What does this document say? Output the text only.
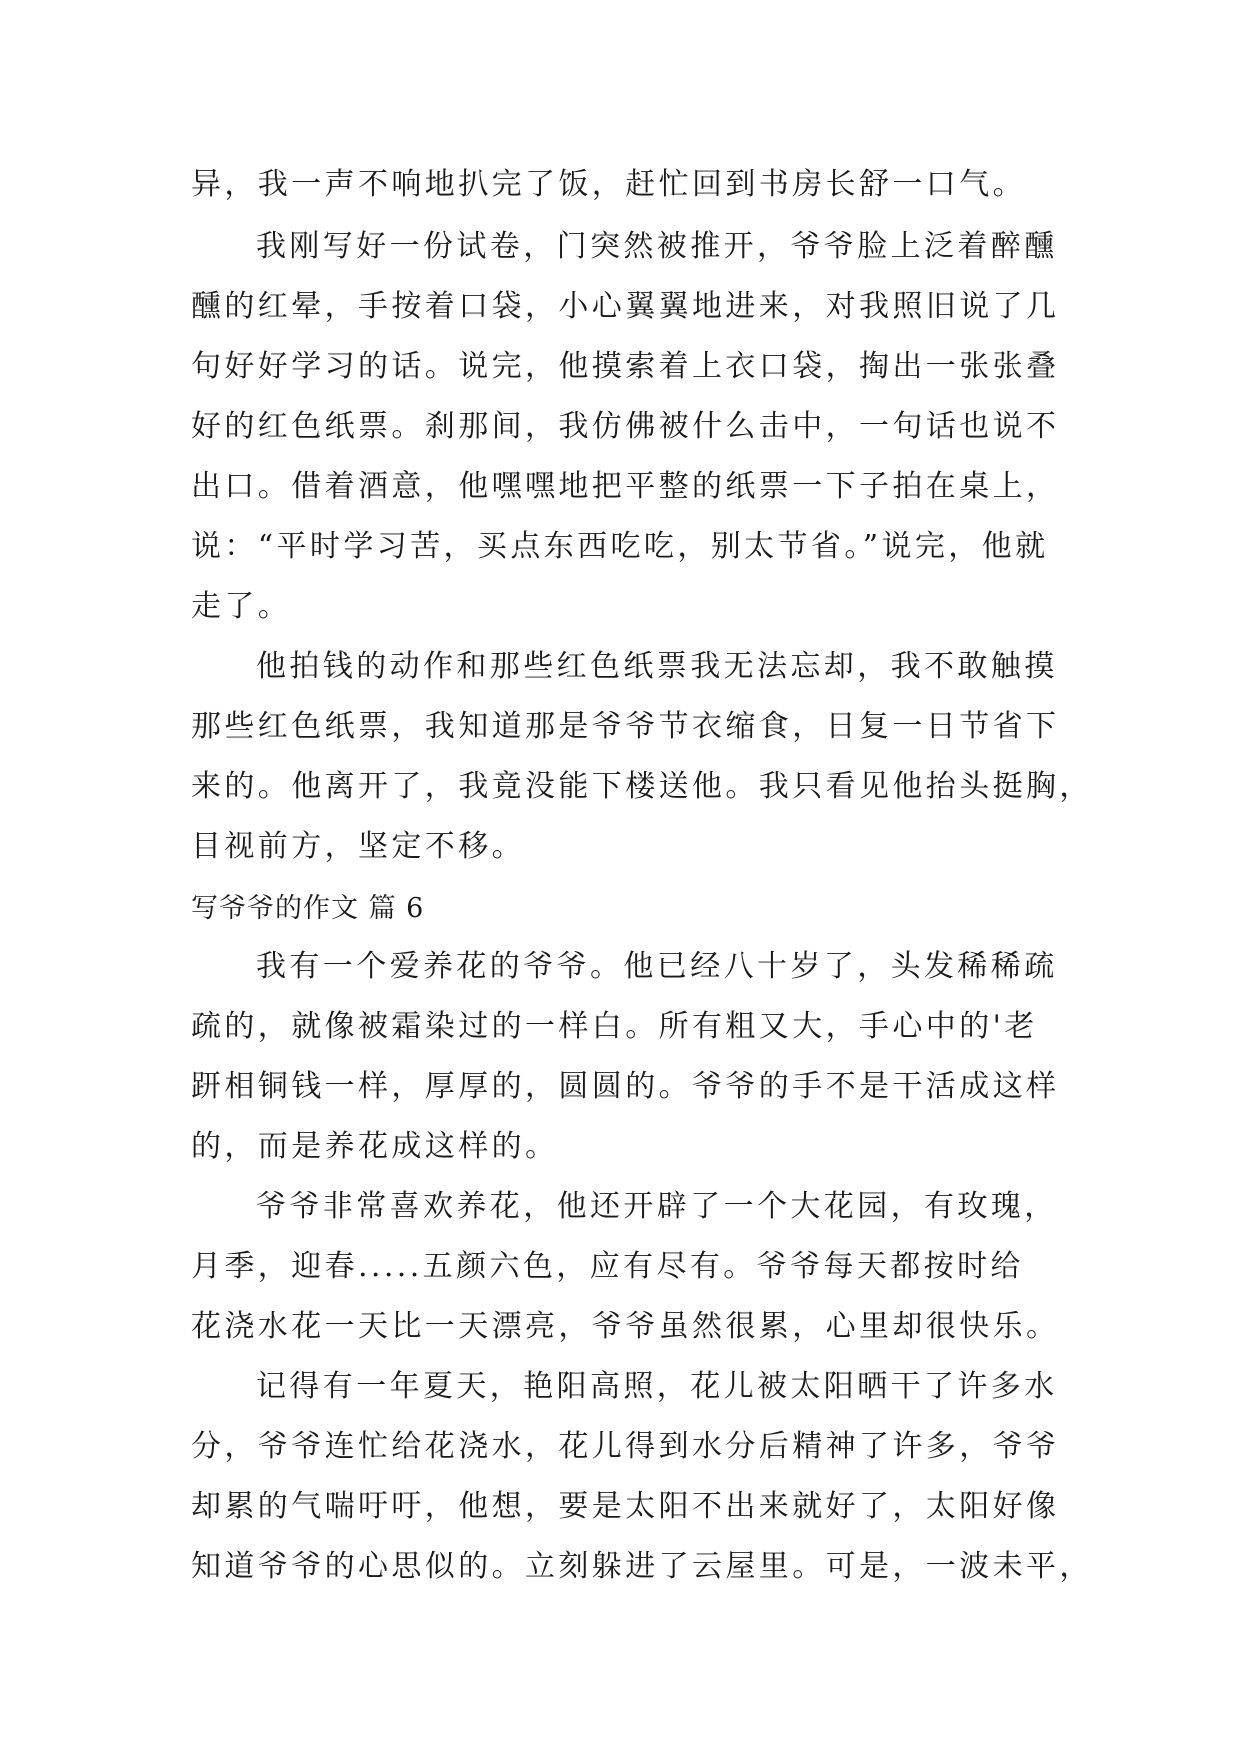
异，我一声不响地扒完了饭，赶忙回到书房长舒一口气。
我刚写好一份试卷，门突然被推开，爷爷脸上泛着醉醺
醺的红晕，手按着口袋，小心翼翼地进来，对我照旧说了几
句好好学习的话。说完，他摸索着上衣口袋，掏出一张张叠
好的红色纸票。刹那间，我仿佛被什么击中，一句话也说不
出口。借着酒意，他嘿嘿地把平整的纸票一下子拍在桌上，
说：“平时学习苦，买点东西吃吃，别太节省。”说完，他就
走了。
他拍钱的动作和那些红色纸票我无法忘却，我不敢触摸
那些红色纸票，我知道那是爷爷节衣缩食，日复一日节省下
来的。他离开了，我竟没能下楼送他。我只看见他抬头挺胸，
目视前方，坚定不移。
写爷爷的作文 篇 6
我有一个爱养花的爷爷。他已经八十岁了，头发稀稀疏
疏的，就像被霜染过的一样白。所有粗又大，手心中的'老
趼相铜钱一样，厚厚的，圆圆的。爷爷的手不是干活成这样
的，而是养花成这样的。
爷爷非常喜欢养花，他还开辟了一个大花园，有玫瑰，
月季，迎春.....五颜六色，应有尽有。爷爷每天都按时给
花浇水花一天比一天漂亮，爷爷虽然很累，心里却很快乐。
记得有一年夏天，艳阳高照，花儿被太阳晒干了许多水
分，爷爷连忙给花浇水，花儿得到水分后精神了许多，爷爷
却累的气喘吁吁，他想，要是太阳不出来就好了，太阳好像
知道爷爷的心思似的。立刻躲进了云屋里。可是，一波未平，
